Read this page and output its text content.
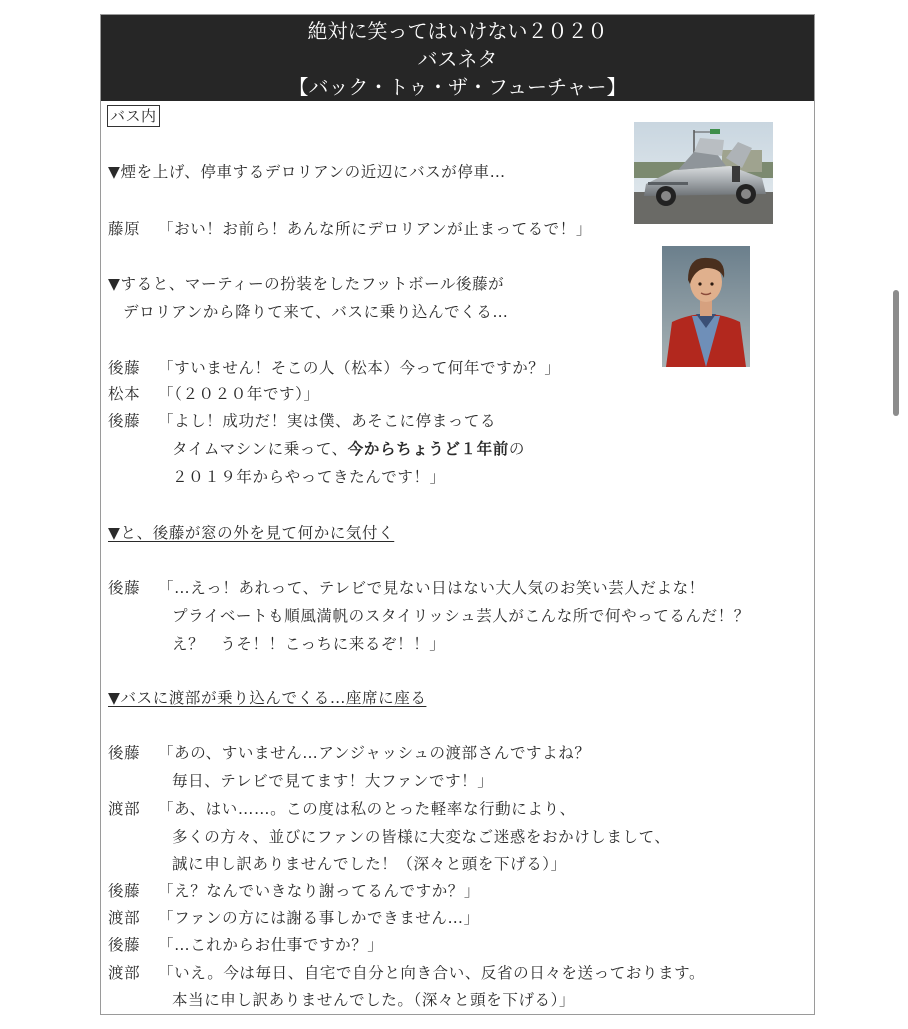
絶対に笑ってはいけない２０２０
バスネタ
【バック・トゥ・ザ・フューチャー】
バス内
▼煙を上げ、停車するデロリアンの近辺にバスが停車…
藤原 「おい！お前ら！あんな所にデロリアンが止まってるで！」
▼すると、マーティーの扮装をしたフットボール後藤が
デロリアンから降りて来て、バスに乗り込んでくる…
後藤 「すいません！そこの人（松本）今って何年ですか？」
松本 「（２０２０年です）」
後藤 「よし！成功だ！実は僕、あそこに停まってる
タイムマシンに乗って、今からちょうど１年前の
２０１９年からやってきたんです！」
▼と、後藤が窓の外を見て何かに気付く
後藤 「…えっ！あれって、テレビで見ない日はない大人気のお笑い芸人だよな！
プライベートも順風満帆のスタイリッシュ芸人がこんな所で何やってるんだ！？
え？　うそ！！こっちに来るぞ！！」
▼バスに渡部が乗り込んでくる…座席に座る
後藤 「あの、すいません…アンジャッシュの渡部さんですよね？
毎日、テレビで見てます！大ファンです！」
渡部 「あ、はい……。この度は私のとった軽率な行動により、
多くの方々、並びにファンの皆様に大変なご迷惑をおかけしまして、
誠に申し訳ありませんでした！（深々と頭を下げる）」
後藤 「え？なんでいきなり謝ってるんですか？」
渡部 「ファンの方には謝る事しかできません…」
後藤 「…これからお仕事ですか？」
渡部 「いえ。今は毎日、自宅で自分と向き合い、反省の日々を送っております。
本当に申し訳ありませんでした。（深々と頭を下げる）」
